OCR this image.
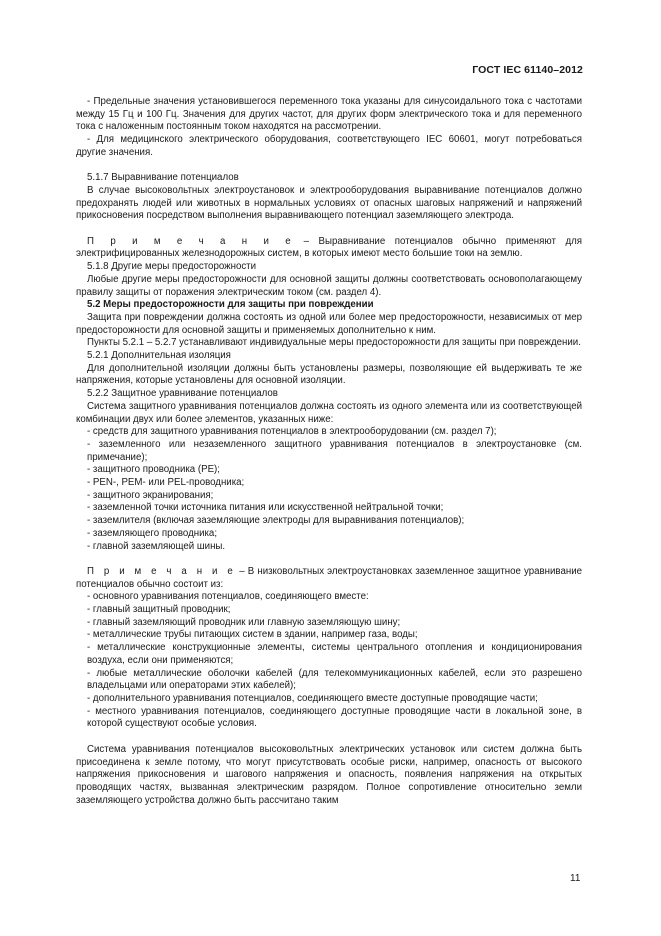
ГОСТ IEC 61140–2012

- Предельные значения установившегося переменного тока указаны для синусоидального тока с частотами между 15 Гц и 100 Гц. Значения для других частот, для других форм электрического тока и для переменного тока с наложенным постоянным током находятся на рассмотрении.

- Для медицинского электрического оборудования, соответствующего IEC 60601, могут потребоваться другие значения.

5.1.7 Выравнивание потенциалов

В случае высоковольтных электроустановок и электрооборудования выравнивание потенциалов должно предохранять людей или животных в нормальных условиях от опасных шаговых напряжений и напряжений прикосновения посредством выполнения выравнивающего потенциал заземляющего электрода.

П р и м е ч а н и е – Выравнивание потенциалов обычно применяют для электрифицированных железнодорожных систем, в которых имеют место большие токи на землю.

5.1.8 Другие меры предосторожности

Любые другие меры предосторожности для основной защиты должны соответствовать основополагающему правилу защиты от поражения электрическим током (см. раздел 4).

5.2 Меры предосторожности для защиты при повреждении

Защита при повреждении должна состоять из одной или более мер предосторожности, независимых от мер предосторожности для основной защиты и применяемых дополнительно к ним.

Пункты 5.2.1 – 5.2.7 устанавливают индивидуальные меры предосторожности для защиты при повреждении.

5.2.1 Дополнительная изоляция

Для дополнительной изоляции должны быть установлены размеры, позволяющие ей выдерживать те же напряжения, которые установлены для основной изоляции.

5.2.2 Защитное уравнивание потенциалов

Система защитного уравнивания потенциалов должна состоять из одного элемента или из соответствующей комбинации двух или более элементов, указанных ниже:

- средств для защитного уравнивания потенциалов в электрооборудовании (см. раздел 7);

- заземленного или незаземленного защитного уравнивания потенциалов в электроустановке (см. примечание);

- защитного проводника (PE);

- PEN-, PEM- или PEL-проводника;

- защитного экранирования;

- заземленной точки источника питания или искусственной нейтральной точки;

- заземлителя (включая заземляющие электроды для выравнивания потенциалов);

- заземляющего проводника;

- главной заземляющей шины.

П р и м е ч а н и е – В низковольтных электроустановках заземленное защитное уравнивание потенциалов обычно состоит из:

- основного уравнивания потенциалов, соединяющего вместе:

- главный защитный проводник;

- главный заземляющий проводник или главную заземляющую шину;

- металлические трубы питающих систем в здании, например газа, воды;

- металлические конструкционные элементы, системы центрального отопления и кондиционирования воздуха, если они применяются;

- любые металлические оболочки кабелей (для телекоммуникационных кабелей, если это разрешено владельцами или операторами этих кабелей);

- дополнительного уравнивания потенциалов, соединяющего вместе доступные проводящие части;

- местного уравнивания потенциалов, соединяющего доступные проводящие части в локальной зоне, в которой существуют особые условия.

Система уравнивания потенциалов высоковольтных электрических установок или систем должна быть присоединена к земле потому, что могут присутствовать особые риски, например, опасность от высокого напряжения прикосновения и шагового напряжения и опасность, появления напряжения на открытых проводящих частях, вызванная электрическим разрядом. Полное сопротивление относительно земли заземляющего устройства должно быть рассчитано таким

11
